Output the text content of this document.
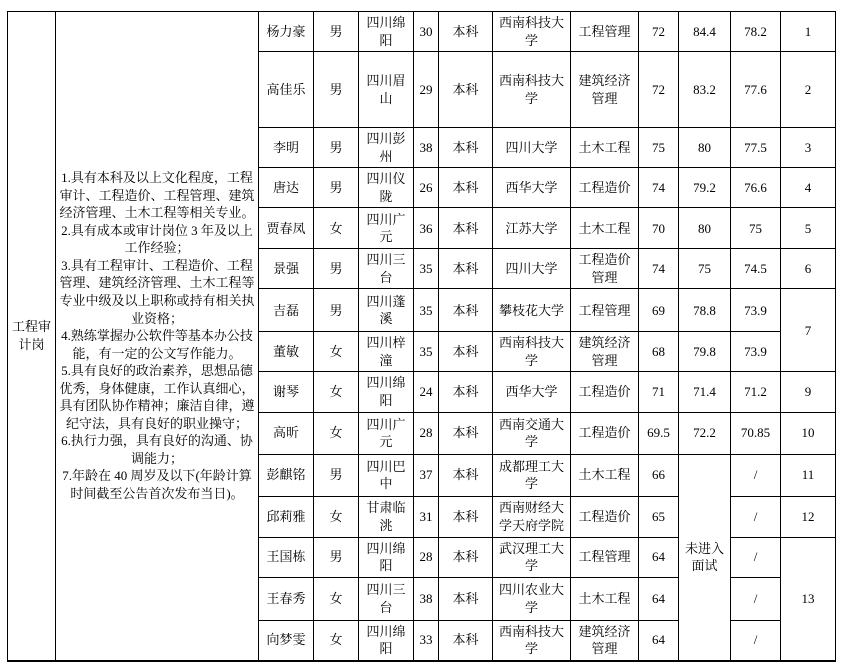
工程审计岗	

1.具有本科及以上文化程度，工程审计、工程造价、工程管理、建筑经济管理、土木工程等相关专业。

2.具有成本或审计岗位 3 年及以上工作经验；

3.具有工程审计、工程造价、工程管理、建筑经济管理、土木工程等专业中级及以上职称或持有相关执业资格；

4.熟练掌握办公软件等基本办公技能，有一定的公文写作能力。

5.具有良好的政治素养，思想品德优秀，身体健康，工作认真细心，具有团队协作精神；廉洁自律，遵纪守法，具有良好的职业操守；

6.执行力强，具有良好的沟通、协调能力；

7.年龄在 40 周岁及以下(年龄计算时间截至公告首次发布当日)。

	杨力豪	男	四川绵阳	30	本科	西南科技大学	工程管理	72	84.4	78.2	1
		高佳乐	男	四川眉山	29	本科	西南科技大学	建筑经济管理	72	83.2	77.6	2
		李明	男	四川彭州	38	本科	四川大学	土木工程	75	80	77.5	3
		唐达	男	四川仪陇	26	本科	西华大学	工程造价	74	79.2	76.6	4
		贾春凤	女	四川广元	36	本科	江苏大学	土木工程	70	80	75	5
		景强	男	四川三台	35	本科	四川大学	工程造价管理	74	75	74.5	6
		吉磊	男	四川蓬溪	35	本科	攀枝花大学	工程管理	69	78.8	73.9	7
		董敏	女	四川梓潼	35	本科	西南科技大学	建筑经济管理	68	79.8	73.9	
		谢琴	女	四川绵阳	24	本科	西华大学	工程造价	71	71.4	71.2	9
		高昕	女	四川广元	28	本科	西南交通大学	工程造价	69.5	72.2	70.85	10
		彭麒铭	男	四川巴中	37	本科	成都理工大学	土木工程	66	未进入面试	/	11
		邱莉雅	女	甘肃临洮	31	本科	西南财经大学天府学院	工程造价	65		/	12
		王国栋	男	四川绵阳	28	本科	武汉理工大学	工程管理	64		/	13
		王春秀	女	四川三台	38	本科	四川农业大学	土木工程	64		/	
		向梦雯	女	四川绵阳	33	本科	西南科技大学	建筑经济管理	64		/	
